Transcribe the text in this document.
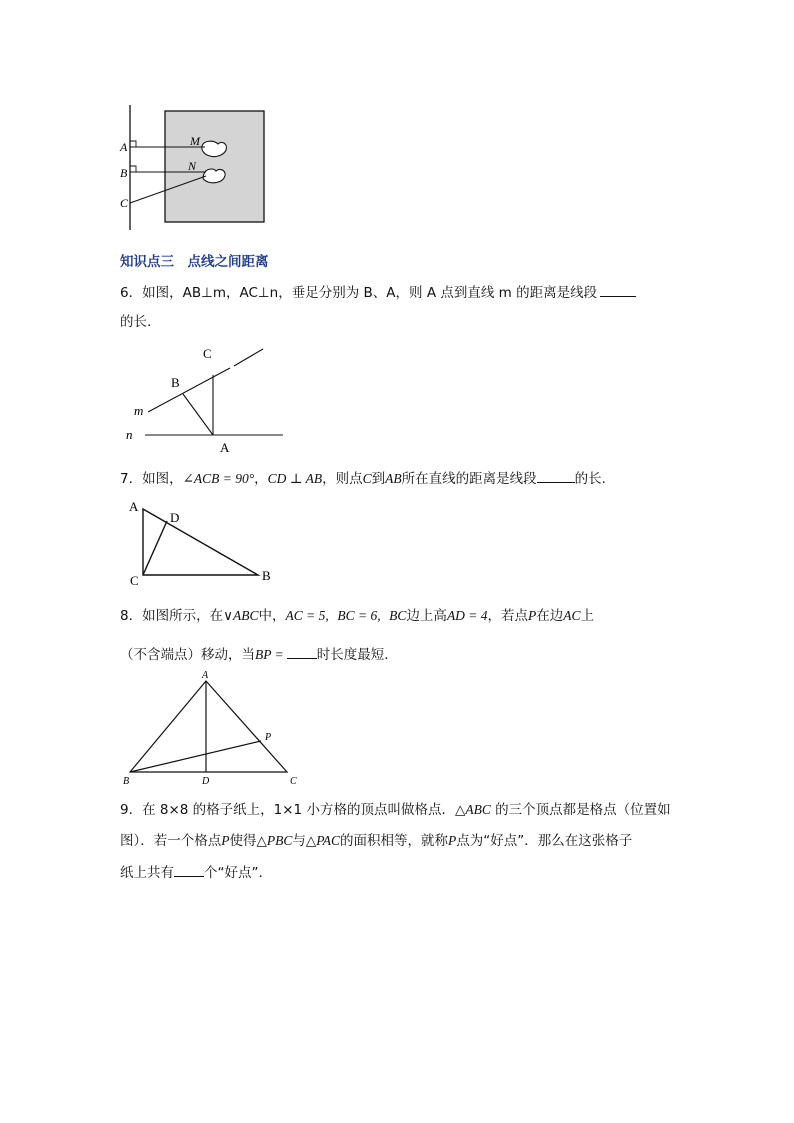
A
B
C
M
N
知识点三　点线之间距离
6．如图，AB⊥m，AC⊥n，垂足分别为 B、A，则 A 点到直线 m 的距离是线段
的长.
C
B
A
m
n
7．如图，∠ACB = 90°，CD ⊥ AB，则点C到AB所在直线的距离是线段	的长.
A
D
C	B
8．如图所示，在∨ABC中，AC = 5, BC = 6, BC边上高AD = 4，若点P在边AC上
（不含端点）移动，当BP = 时长度最短.
A
P
B	D	C
9．在 8×8 的格子纸上，1×1 小方格的顶点叫做格点．△ABC 的三个顶点都是格点（位置如
图）．若一个格点P使得△PBC与△PAC的面积相等，就称P点为“好点”．那么在这张格子
纸上共有 个“好点”．
